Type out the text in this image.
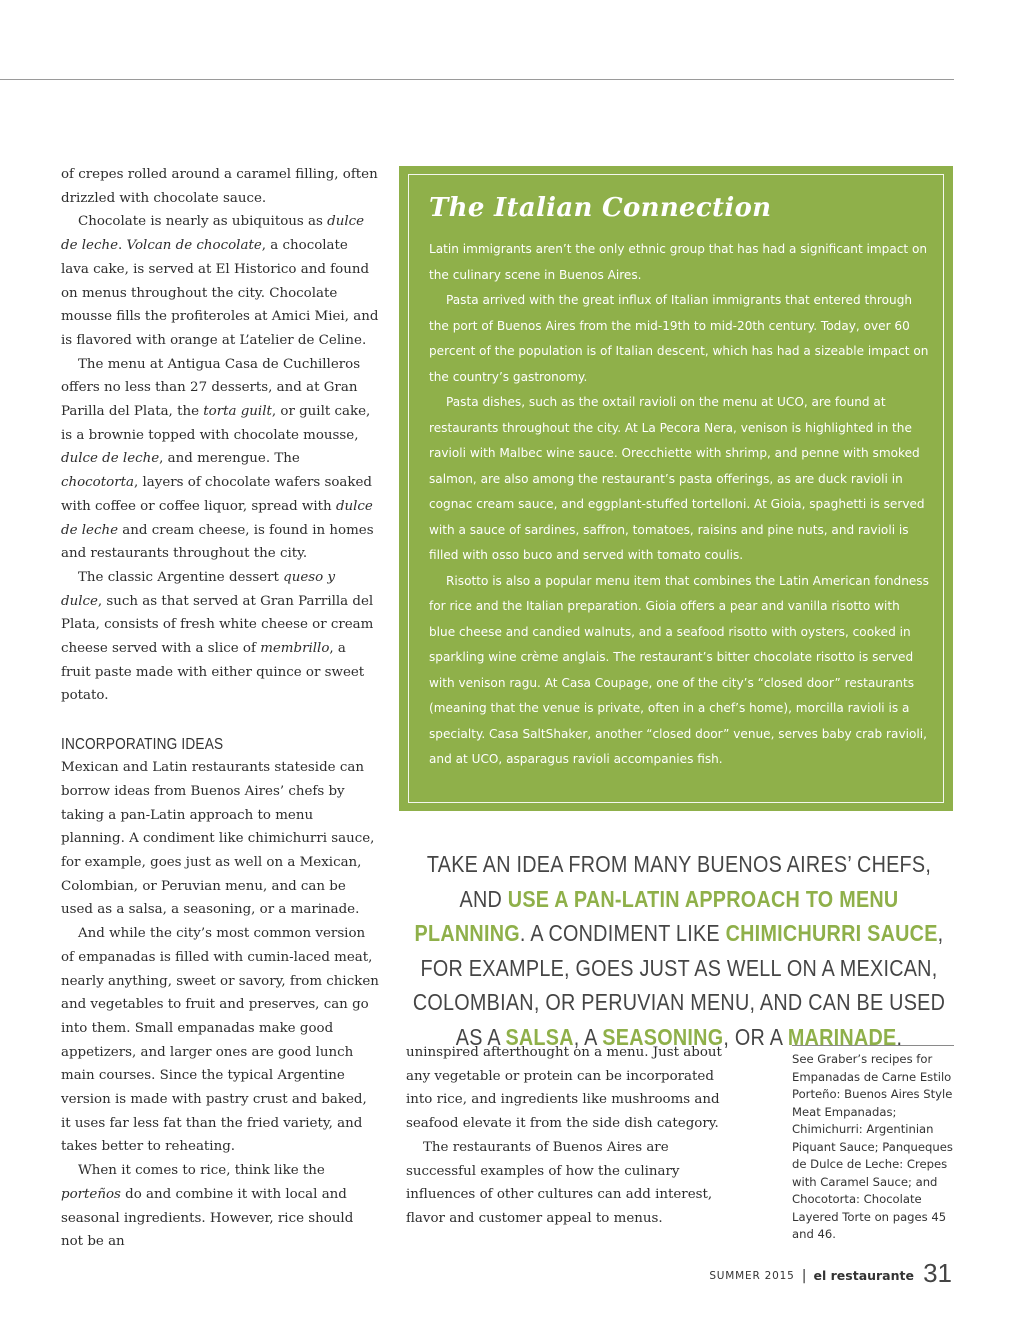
of crepes rolled around a caramel filling, often drizzled with chocolate sauce.

Chocolate is nearly as ubiquitous as dulce de leche. Volcan de chocolate, a chocolate lava cake, is served at El Historico and found on menus throughout the city. Chocolate mousse fills the profiteroles at Amici Miei, and is flavored with orange at L’atelier de Celine.

The menu at Antigua Casa de Cuchilleros offers no less than 27 desserts, and at Gran Parilla del Plata, the torta guilt, or guilt cake, is a brownie topped with chocolate mousse, dulce de leche, and merengue. The chocotorta, layers of chocolate wafers soaked with coffee or coffee liquor, spread with dulce de leche and cream cheese, is found in homes and restaurants throughout the city.

The classic Argentine dessert queso y dulce, such as that served at Gran Parrilla del Plata, consists of fresh white cheese or cream cheese served with a slice of membrillo, a fruit paste made with either quince or sweet potato.

INCORPORATING IDEAS

Mexican and Latin restaurants stateside can borrow ideas from Buenos Aires’ chefs by taking a pan-Latin approach to menu planning. A condiment like chimichurri sauce, for example, goes just as well on a Mexican, Colombian, or Peruvian menu, and can be used as a salsa, a seasoning, or a marinade.

And while the city’s most common version of empanadas is filled with cumin-laced meat, nearly anything, sweet or savory, from chicken and vegetables to fruit and preserves, can go into them. Small empanadas make good appetizers, and larger ones are good lunch main courses. Since the typical Argentine version is made with pastry crust and baked, it uses far less fat than the fried variety, and takes better to reheating.

When it comes to rice, think like the porteños do and combine it with local and seasonal ingredients. However, rice should not be an

The Italian Connection

Latin immigrants aren’t the only ethnic group that has had a significant impact on the culinary scene in Buenos Aires.

Pasta arrived with the great influx of Italian immigrants that entered through the port of Buenos Aires from the mid-19th to mid-20th century. Today, over 60 percent of the population is of Italian descent, which has had a sizeable impact on the country’s gastronomy.

Pasta dishes, such as the oxtail ravioli on the menu at UCO, are found at restaurants throughout the city. At La Pecora Nera, venison is highlighted in the ravioli with Malbec wine sauce. Orecchiette with shrimp, and penne with smoked salmon, are also among the restaurant’s pasta offerings, as are duck ravioli in cognac cream sauce, and eggplant-stuffed tortelloni. At Gioia, spaghetti is served with a sauce of sardines, saffron, tomatoes, raisins and pine nuts, and ravioli is filled with osso buco and served with tomato coulis.

Risotto is also a popular menu item that combines the Latin American fondness for rice and the Italian preparation. Gioia offers a pear and vanilla risotto with blue cheese and candied walnuts, and a seafood risotto with oysters, cooked in sparkling wine crème anglais. The restaurant’s bitter chocolate risotto is served with venison ragu. At Casa Coupage, one of the city’s “closed door” restaurants (meaning that the venue is private, often in a chef’s home), morcilla ravioli is a specialty. Casa SaltShaker, another “closed door” venue, serves baby crab ravioli, and at UCO, asparagus ravioli accompanies fish.

TAKE AN IDEA FROM MANY BUENOS AIRES’ CHEFS, AND USE A PAN-LATIN APPROACH TO MENU PLANNING. A CONDIMENT LIKE CHIMICHURRI SAUCE, FOR EXAMPLE, GOES JUST AS WELL ON A MEXICAN, COLOMBIAN, OR PERUVIAN MENU, AND CAN BE USED AS A SALSA, A SEASONING, OR A MARINADE.

uninspired afterthought on a menu. Just about any vegetable or protein can be incorporated into rice, and ingredients like mushrooms and seafood elevate it from the side dish category.

The restaurants of Buenos Aires are successful examples of how the culinary influences of other cultures can add interest, flavor and customer appeal to menus.

See Graber’s recipes for Empanadas de Carne Estilo Porteño: Buenos Aires Style Meat Empanadas; Chimichurri: Argentinian Piquant Sauce; Panqueques de Dulce de Leche: Crepes with Caramel Sauce; and Chocotorta: Chocolate Layered Torte on pages 45 and 46.
SUMMER 2015 | el restaurante 31
